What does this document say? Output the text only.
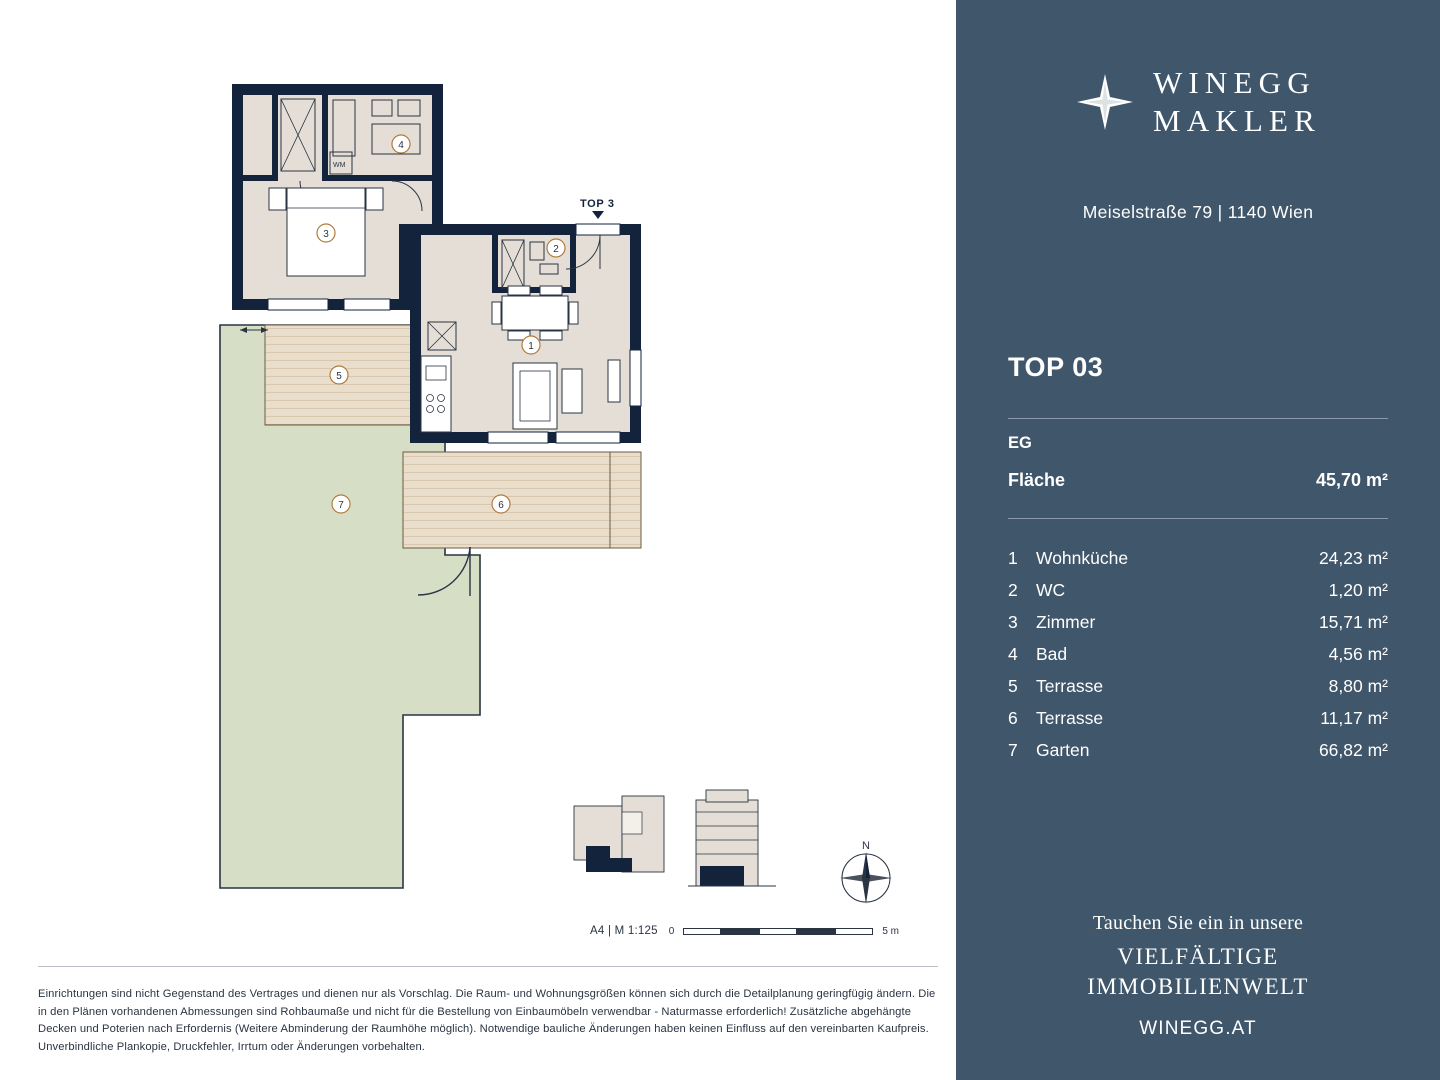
WM
1
2
3
4
5
6
7
TOP 3
N
A4 | M 1:125 0	5 m
Einrichtungen sind nicht Gegenstand des Vertrages und dienen nur als Vorschlag. Die Raum- und Wohnungsgrößen können sich durch die Detailplanung geringfügig ändern. Die in den Plänen vorhandenen Abmessungen sind Rohbaumaße und nicht für die Bestellung von Einbaumöbeln verwendbar - Naturmasse erforderlich! Zusätzliche abgehängte Decken und Poterien nach Erfordernis (Weitere Abminderung der Raumhöhe möglich). Notwendige bauliche Änderungen haben keinen Einfluss auf den vereinbarten Kaufpreis. Unverbindliche Plankopie, Druckfehler, Irrtum oder Änderungen vorbehalten.
WINEGG
MAKLER
Meiselstraße 79 | 1140 Wien
TOP 03
EG
Fläche	45,70 m²
1	Wohnküche	24,23 m²
2	WC	1,20 m²
3	Zimmer	15,71 m²
4	Bad	4,56 m²
5	Terrasse	8,80 m²
6	Terrasse	11,17 m²
7	Garten	66,82 m²
Tauchen Sie ein in unsere
VIELFÄLTIGE
IMMOBILIENWELT
WINEGG.AT
